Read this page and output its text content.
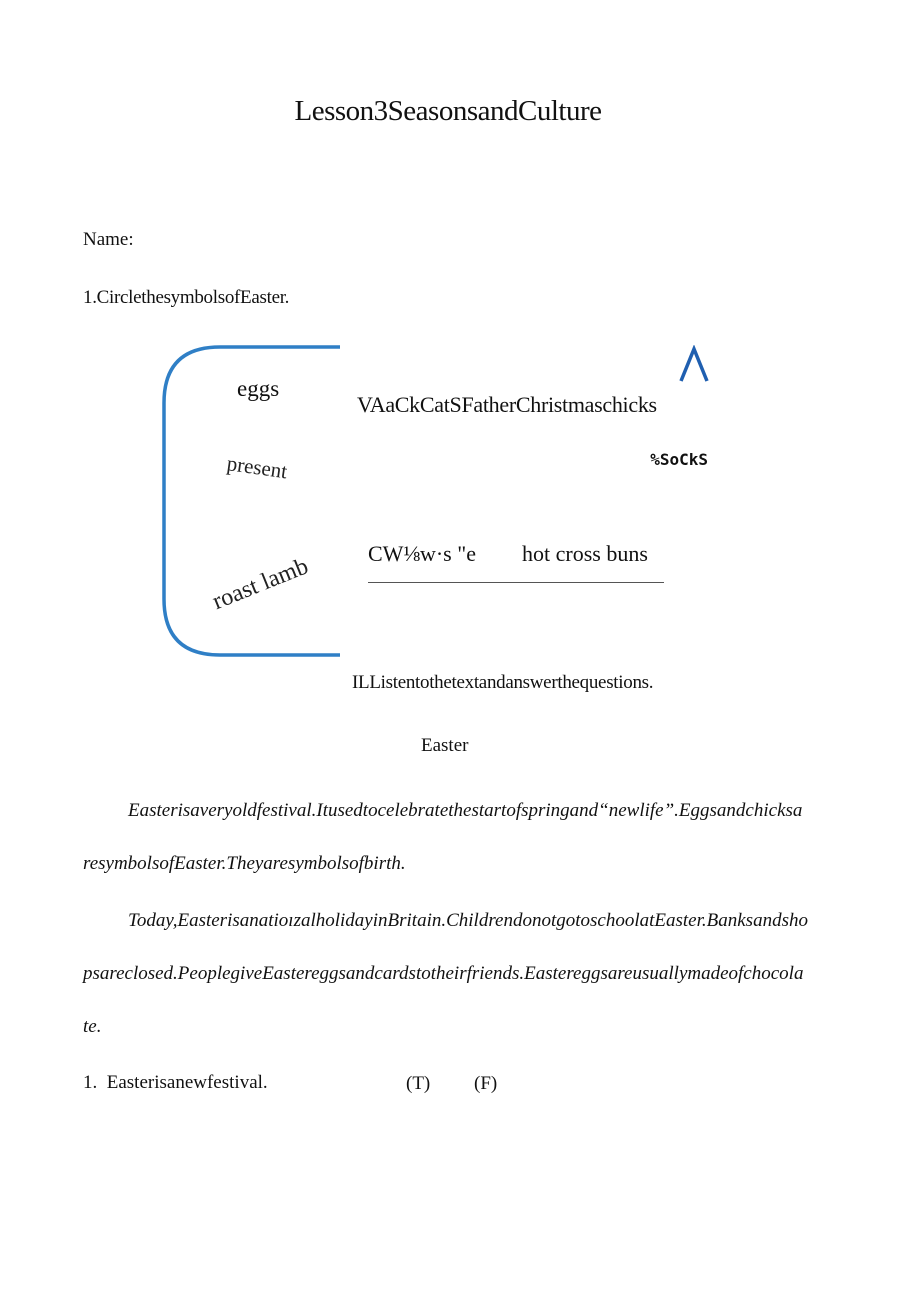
Lesson3SeasonsandCulture
Name:
1.CirclethesymbolsofEaster.
eggs
present
roast lamb
VAaCkCatSFatherChristmaschicks
%SoCkS
CW⅛w·s "e hot cross buns
ILListentothetextandanswerthequestions.
Easter
Easterisaveryoldfestival.Itusedtocelebratethestartofspringand“newlife”.EggsandchicksaresymbolsofEaster.Theyaresymbolsofbirth.
Today,EasterisanatioızalholidayinBritain.ChildrendonotgotoschoolatEaster.Banksandshopsareclosed.PeoplegiveEastereggsandcardstotheirfriends.Eastereggsareusuallymadeofchocolate.
1. Easterisanewfestival.	(T) (F)
